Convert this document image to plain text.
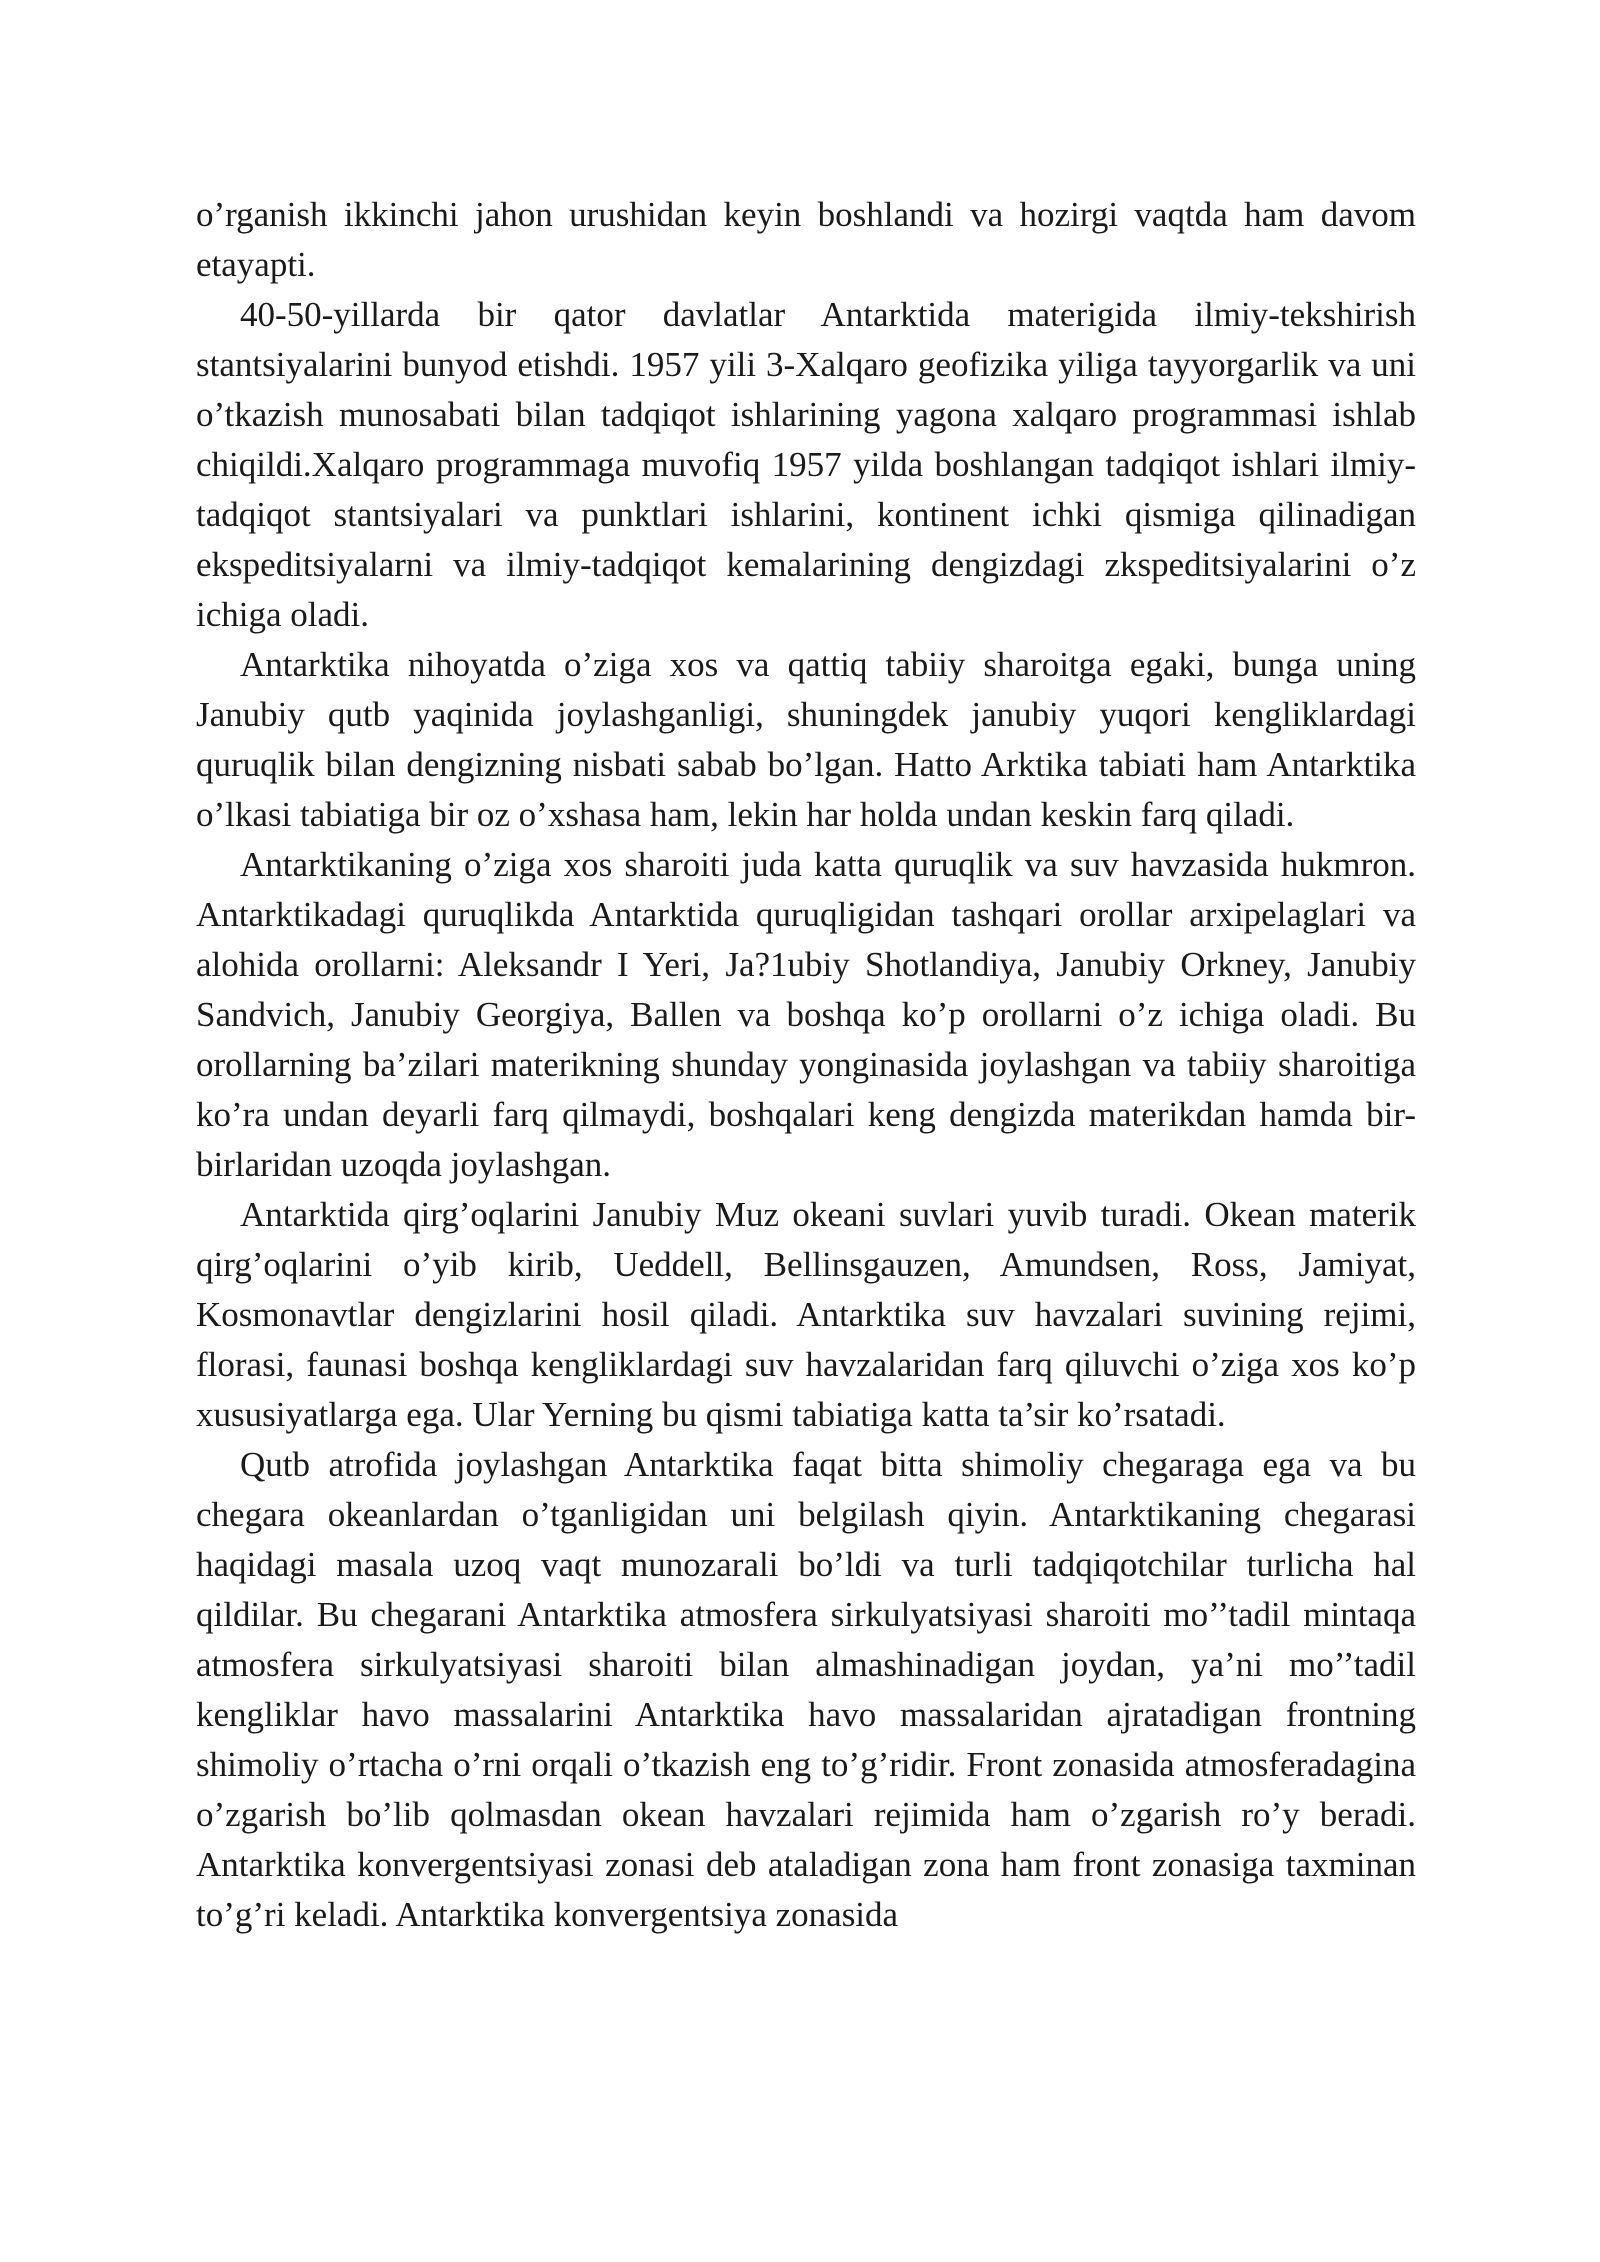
o’rganish ikkinchi jahon urushidan keyin boshlandi va hozirgi vaqtda ham davom etayapti.

40-50-yillarda bir qator davlatlar Antarktida materigida ilmiy-tekshirish stantsiyalarini bunyod etishdi. 1957 yili 3-Xalqaro geofizika yiliga tayyorgarlik va uni o’tkazish munosabati bilan tadqiqot ishlarining yagona xalqaro programmasi ishlab chiqildi.Xalqaro programmaga muvofiq 1957 yilda boshlangan tadqiqot ishlari ilmiy-tadqiqot stantsiyalari va punktlari ishlarini, kontinent ichki qismiga qilinadigan ekspeditsiyalarni va ilmiy-tadqiqot kemalarining dengizdagi zkspeditsiyalarini o’z ichiga oladi.

Antarktika nihoyatda o’ziga xos va qattiq tabiiy sharoitga egaki, bunga uning Janubiy qutb yaqinida joylashganligi, shuningdek janubiy yuqori kengliklardagi quruqlik bilan dengizning nisbati sabab bo’lgan. Hatto Arktika tabiati ham Antarktika o’lkasi tabiatiga bir oz o’xshasa ham, lekin har holda undan keskin farq qiladi.

Antarktikaning o’ziga xos sharoiti juda katta quruqlik va suv havzasida hukmron. Antarktikadagi quruqlikda Antarktida quruqligidan tashqari orollar arxipelaglari va alohida orollarni: Aleksandr I Yeri, Ja?1ubiy Shotlandiya, Janubiy Orkney, Janubiy Sandvich, Janubiy Georgiya, Ballen va boshqa ko’p orollarni o’z ichiga oladi. Bu orollarning ba’zilari materikning shunday yonginasida joylashgan va tabiiy sharoitiga ko’ra undan deyarli farq qilmaydi, boshqalari keng dengizda materikdan hamda bir-birlaridan uzoqda joylashgan.

Antarktida qirg’oqlarini Janubiy Muz okeani suvlari yuvib turadi. Okean materik qirg’oqlarini o’yib kirib, Ueddell, Bellinsgauzen, Amundsen, Ross, Jamiyat, Kosmonavtlar dengizlarini hosil qiladi. Antarktika suv havzalari suvining rejimi, florasi, faunasi boshqa kengliklardagi suv havzalaridan farq qiluvchi o’ziga xos ko’p xususiyatlarga ega. Ular Yerning bu qismi tabiatiga katta ta’sir ko’rsatadi.

Qutb atrofida joylashgan Antarktika faqat bitta shimoliy chegaraga ega va bu chegara okeanlardan o’tganligidan uni belgilash qiyin. Antarktikaning chegarasi haqidagi masala uzoq vaqt munozarali bo’ldi va turli tadqiqotchilar turlicha hal qildilar. Bu chegarani Antarktika atmosfera sirkulyatsiyasi sharoiti mo’’tadil mintaqa atmosfera sirkulyatsiyasi sharoiti bilan almashinadigan joydan, ya’ni mo’’tadil kengliklar havo massalarini Antarktika havo massalaridan ajratadigan frontning shimoliy o’rtacha o’rni orqali o’tkazish eng to’g’ridir. Front zonasida atmosferadagina o’zgarish bo’lib qolmasdan okean havzalari rejimida ham o’zgarish ro’y beradi. Antarktika konvergentsiyasi zonasi deb ataladigan zona ham front zonasiga taxminan to’g’ri keladi. Antarktika konvergentsiya zonasida
